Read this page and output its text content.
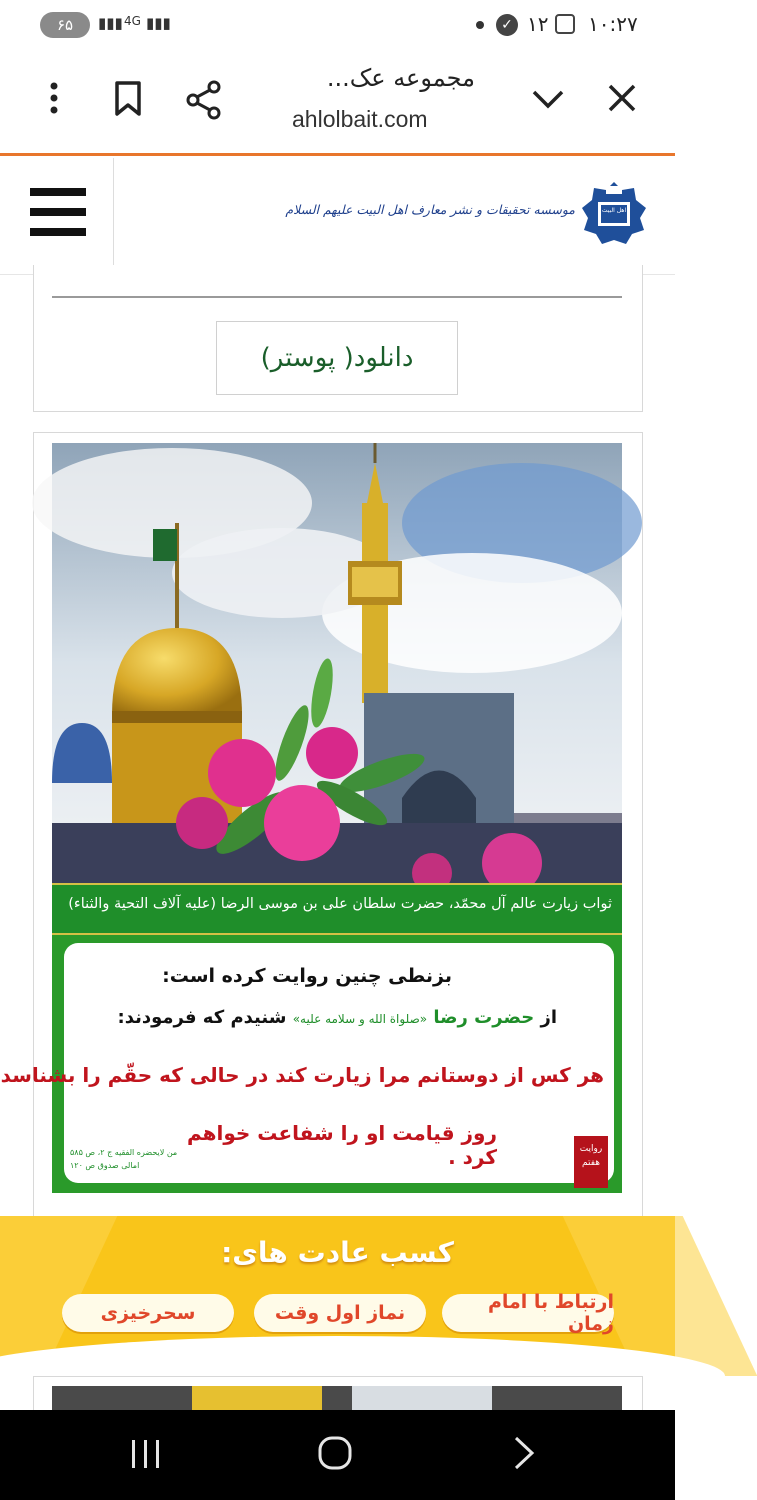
۶۵ ▮▮▮ 4G ▮▮▮	✓ ۱۲ ۱۰:۲۷
مجموعه عک...
ahlolbait.com
موسسه تحقیقات و نشر معارف اهل البیت علیهم السلام	اهل البیت
دانلود( پوستر)
ثواب زیارت عالم آل محمّد، حضرت سلطان علی بن موسی الرضا (علیه آلاف التحیة والثناء)
بزنطی چنین روایت کرده است:
از حضرت رضا «صلواة الله و سلامه علیه» شنیدم که فرمودند:
هر کس از دوستانم مرا زیارت کند در حالی که حقّم را بشناسد
روز قیامت او را شفاعت خواهم کرد .
من لایحضره الفقیه ج ۲، ص ۵۸۵
امالی صدوق ص ۱۲۰
روایت هفتم
کسب عادت های:
ارتباط با امام زمان
نماز اول وقت
سحرخیزی
